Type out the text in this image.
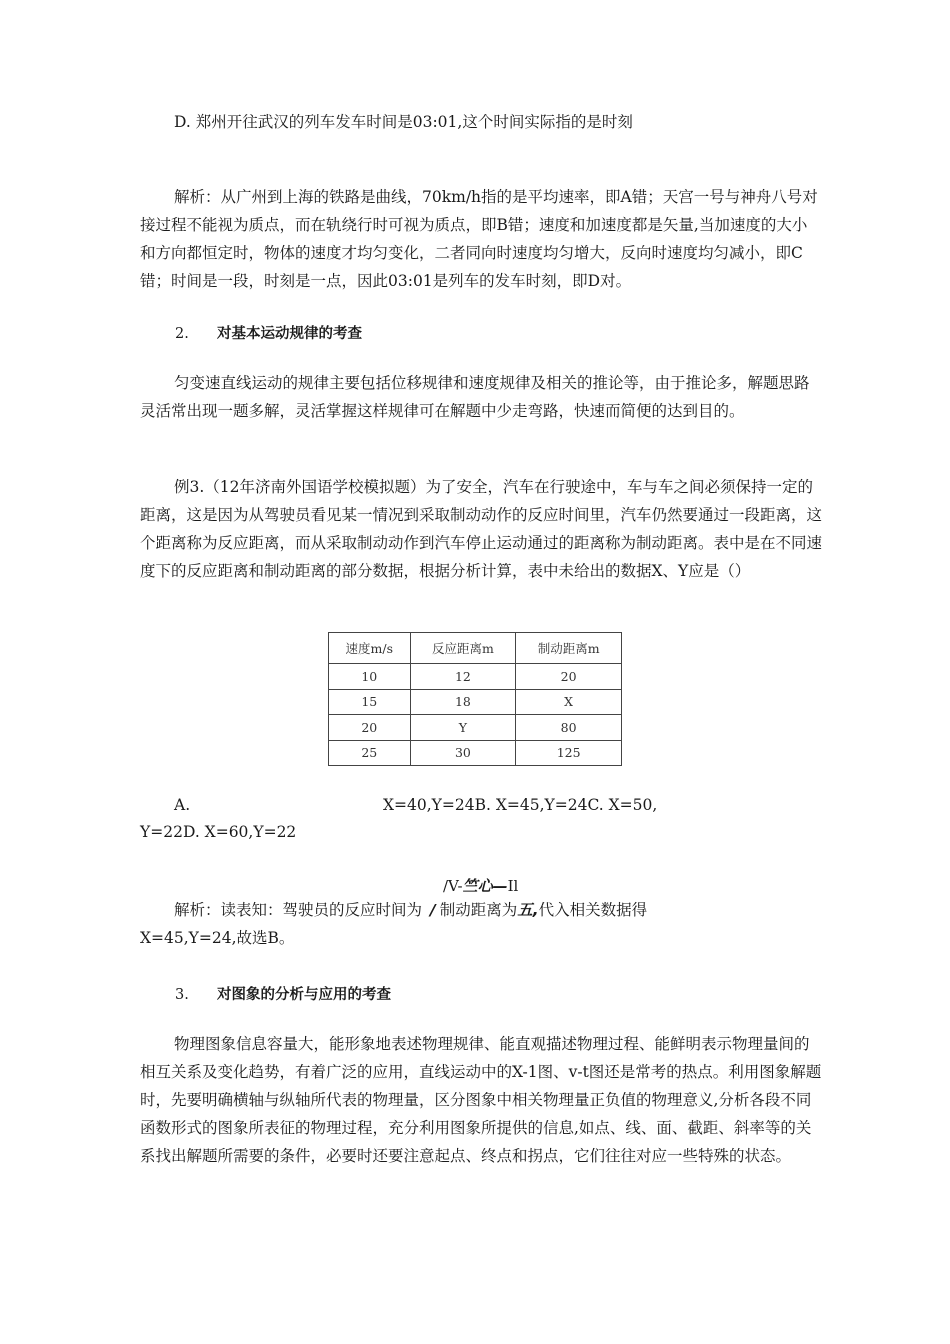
D. 郑州开往武汉的列车发车时间是03:01,这个时间实际指的是时刻

解析：从广州到上海的铁路是曲线，70km/h指的是平均速率，即A错；天宫一号与神舟八号对接过程不能视为质点，而在轨绕行时可视为质点，即B错；速度和加速度都是矢量,当加速度的大小和方向都恒定时，物体的速度才均匀变化，二者同向时速度均匀增大，反向时速度均匀减小，即C错；时间是一段，时刻是一点，因此03:01是列车的发车时刻，即D对。

2. 对基本运动规律的考查

匀变速直线运动的规律主要包括位移规律和速度规律及相关的推论等，由于推论多，解题思路灵活常出现一题多解，灵活掌握这样规律可在解题中少走弯路，快速而简便的达到目的。

例3.（12年济南外国语学校模拟题）为了安全，汽车在行驶途中，车与车之间必须保持一定的距离，这是因为从驾驶员看见某一情况到采取制动动作的反应时间里，汽车仍然要通过一段距离，这个距离称为反应距离，而从采取制动动作到汽车停止运动通过的距离称为制动距离。表中是在不同速度下的反应距离和制动距离的部分数据，根据分析计算，表中未给出的数据X、Y应是（）

速度m/s	反应距离m	制动距离m
10	12	20
15	18	X
20	Y	80
25	30	125

A.	X=40,Y=24B. X=45,Y=24C. X=50,

Y=22D. X=60,Y=22

/V-竺心—Il

解析：读表知：驾驶员的反应时间为 / 制动距离为五,代入相关数据得

X=45,Y=24,故选B。

3. 对图象的分析与应用的考查

物理图象信息容量大，能形象地表述物理规律、能直观描述物理过程、能鲜明表示物理量间的相互关系及变化趋势，有着广泛的应用，直线运动中的X-1图、v-t图还是常考的热点。利用图象解题时，先要明确横轴与纵轴所代表的物理量，区分图象中相关物理量正负值的物理意义,分析各段不同函数形式的图象所表征的物理过程，充分利用图象所提供的信息,如点、线、面、截距、斜率等的关系找出解题所需要的条件，必要时还要注意起点、终点和拐点，它们往往对应一些特殊的状态。
